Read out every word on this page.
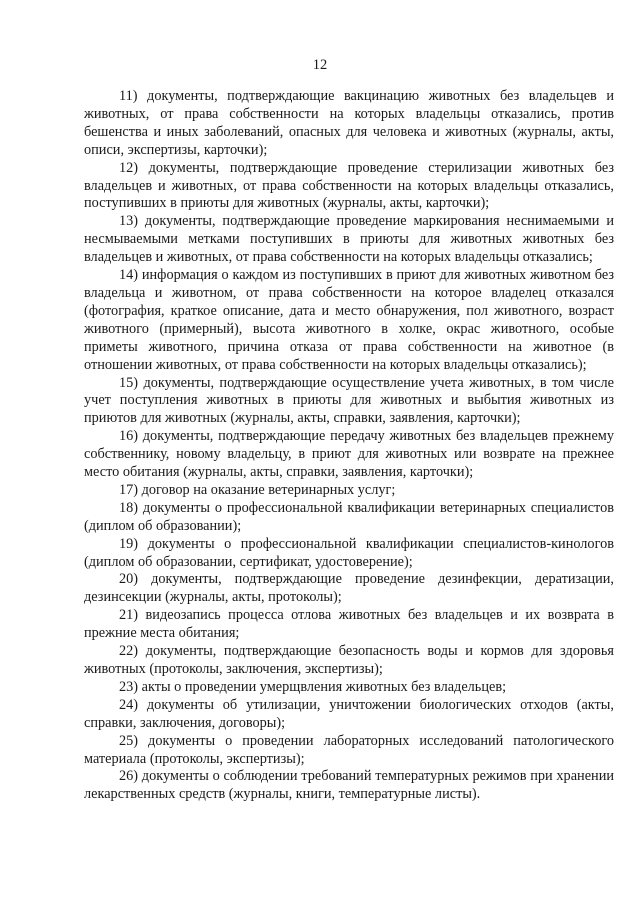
12

11) документы, подтверждающие вакцинацию животных без владельцев и животных, от права собственности на которых владельцы отказались, против бешенства и иных заболеваний, опасных для человека и животных (журналы, акты, описи, экспертизы, карточки);

12) документы, подтверждающие проведение стерилизации животных без владельцев и животных, от права собственности на которых владельцы отказались, поступивших в приюты для животных (журналы, акты, карточки);

13) документы, подтверждающие проведение маркирования неснимаемыми и несмываемыми метками поступивших в приюты для животных животных без владельцев и животных, от права собственности на которых владельцы отказались;

14) информация о каждом из поступивших в приют для животных животном без владельца и животном, от права собственности на которое владелец отказался (фотография, краткое описание, дата и место обнаружения, пол животного, возраст животного (примерный), высота животного в холке, окрас животного, особые приметы животного, причина отказа от права собственности на животное (в отношении животных, от права собственности на которых владельцы отказались);

15) документы, подтверждающие осуществление учета животных, в том числе учет поступления животных в приюты для животных и выбытия животных из приютов для животных (журналы, акты, справки, заявления, карточки);

16) документы, подтверждающие передачу животных без владельцев прежнему собственнику, новому владельцу, в приют для животных или возврате на прежнее место обитания (журналы, акты, справки, заявления, карточки);

17) договор на оказание ветеринарных услуг;

18) документы о профессиональной квалификации ветеринарных специалистов (диплом об образовании);

19) документы о профессиональной квалификации специалистов-кинологов (диплом об образовании, сертификат, удостоверение);

20) документы, подтверждающие проведение дезинфекции, дератизации, дезинсекции (журналы, акты, протоколы);

21) видеозапись процесса отлова животных без владельцев и их возврата в прежние места обитания;

22) документы, подтверждающие безопасность воды и кормов для здоровья животных (протоколы, заключения, экспертизы);

23) акты о проведении умерщвления животных без владельцев;

24) документы об утилизации, уничтожении биологических отходов (акты, справки, заключения, договоры);

25) документы о проведении лабораторных исследований патологического материала (протоколы, экспертизы);

26) документы о соблюдении требований температурных режимов при хранении лекарственных средств (журналы, книги, температурные листы).
